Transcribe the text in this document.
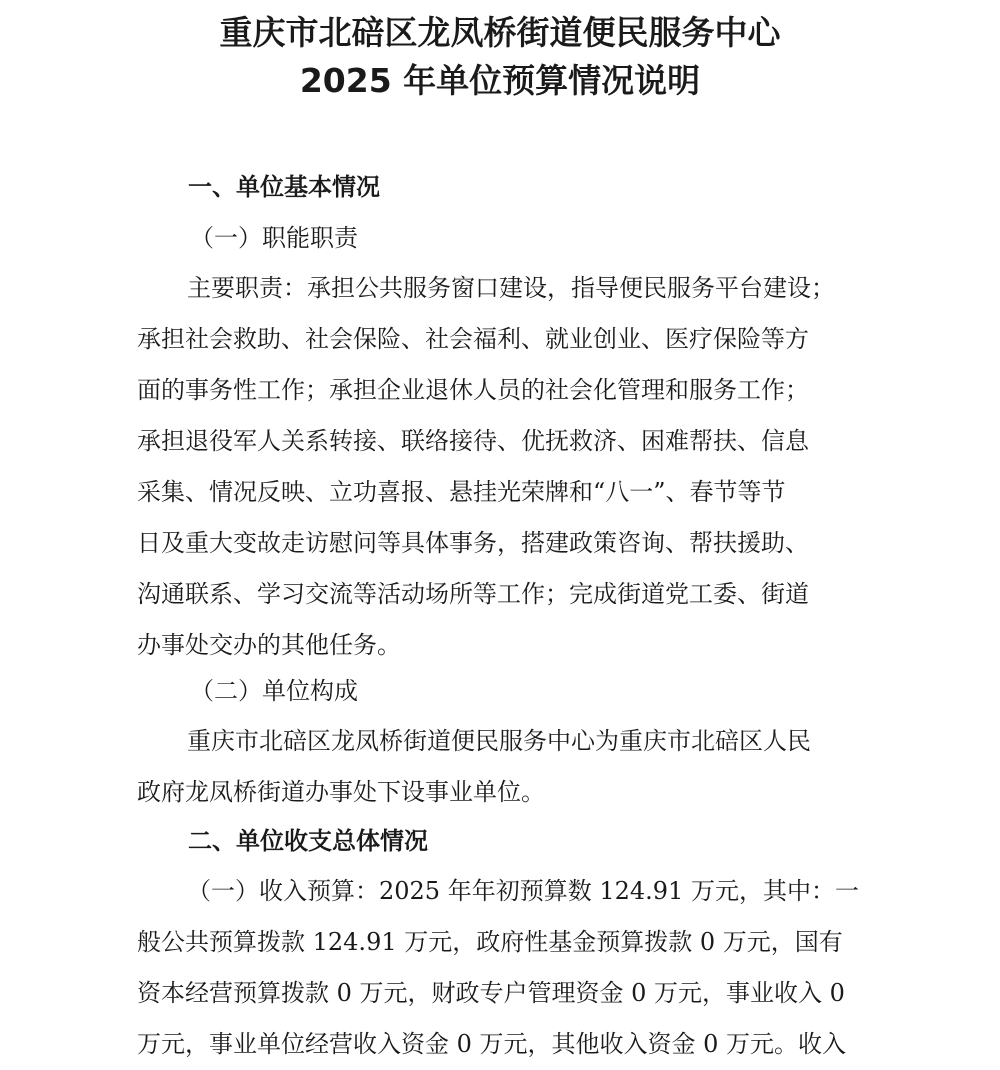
重庆市北碚区龙凤桥街道便民服务中心
2025 年单位预算情况说明
一、单位基本情况
（一）职能职责
主要职责：承担公共服务窗口建设，指导便民服务平台建设；
承担社会救助、社会保险、社会福利、就业创业、医疗保险等方
面的事务性工作；承担企业退休人员的社会化管理和服务工作；
承担退役军人关系转接、联络接待、优抚救济、困难帮扶、信息
采集、情况反映、立功喜报、悬挂光荣牌和“八一”、春节等节
日及重大变故走访慰问等具体事务，搭建政策咨询、帮扶援助、
沟通联系、学习交流等活动场所等工作；完成街道党工委、街道
办事处交办的其他任务。
（二）单位构成
重庆市北碚区龙凤桥街道便民服务中心为重庆市北碚区人民
政府龙凤桥街道办事处下设事业单位。
二、单位收支总体情况
（一）收入预算：2025 年年初预算数 124.91 万元，其中：一
般公共预算拨款 124.91 万元，政府性基金预算拨款 0 万元，国有
资本经营预算拨款 0 万元，财政专户管理资金 0 万元，事业收入 0
万元，事业单位经营收入资金 0 万元，其他收入资金 0 万元。收入
